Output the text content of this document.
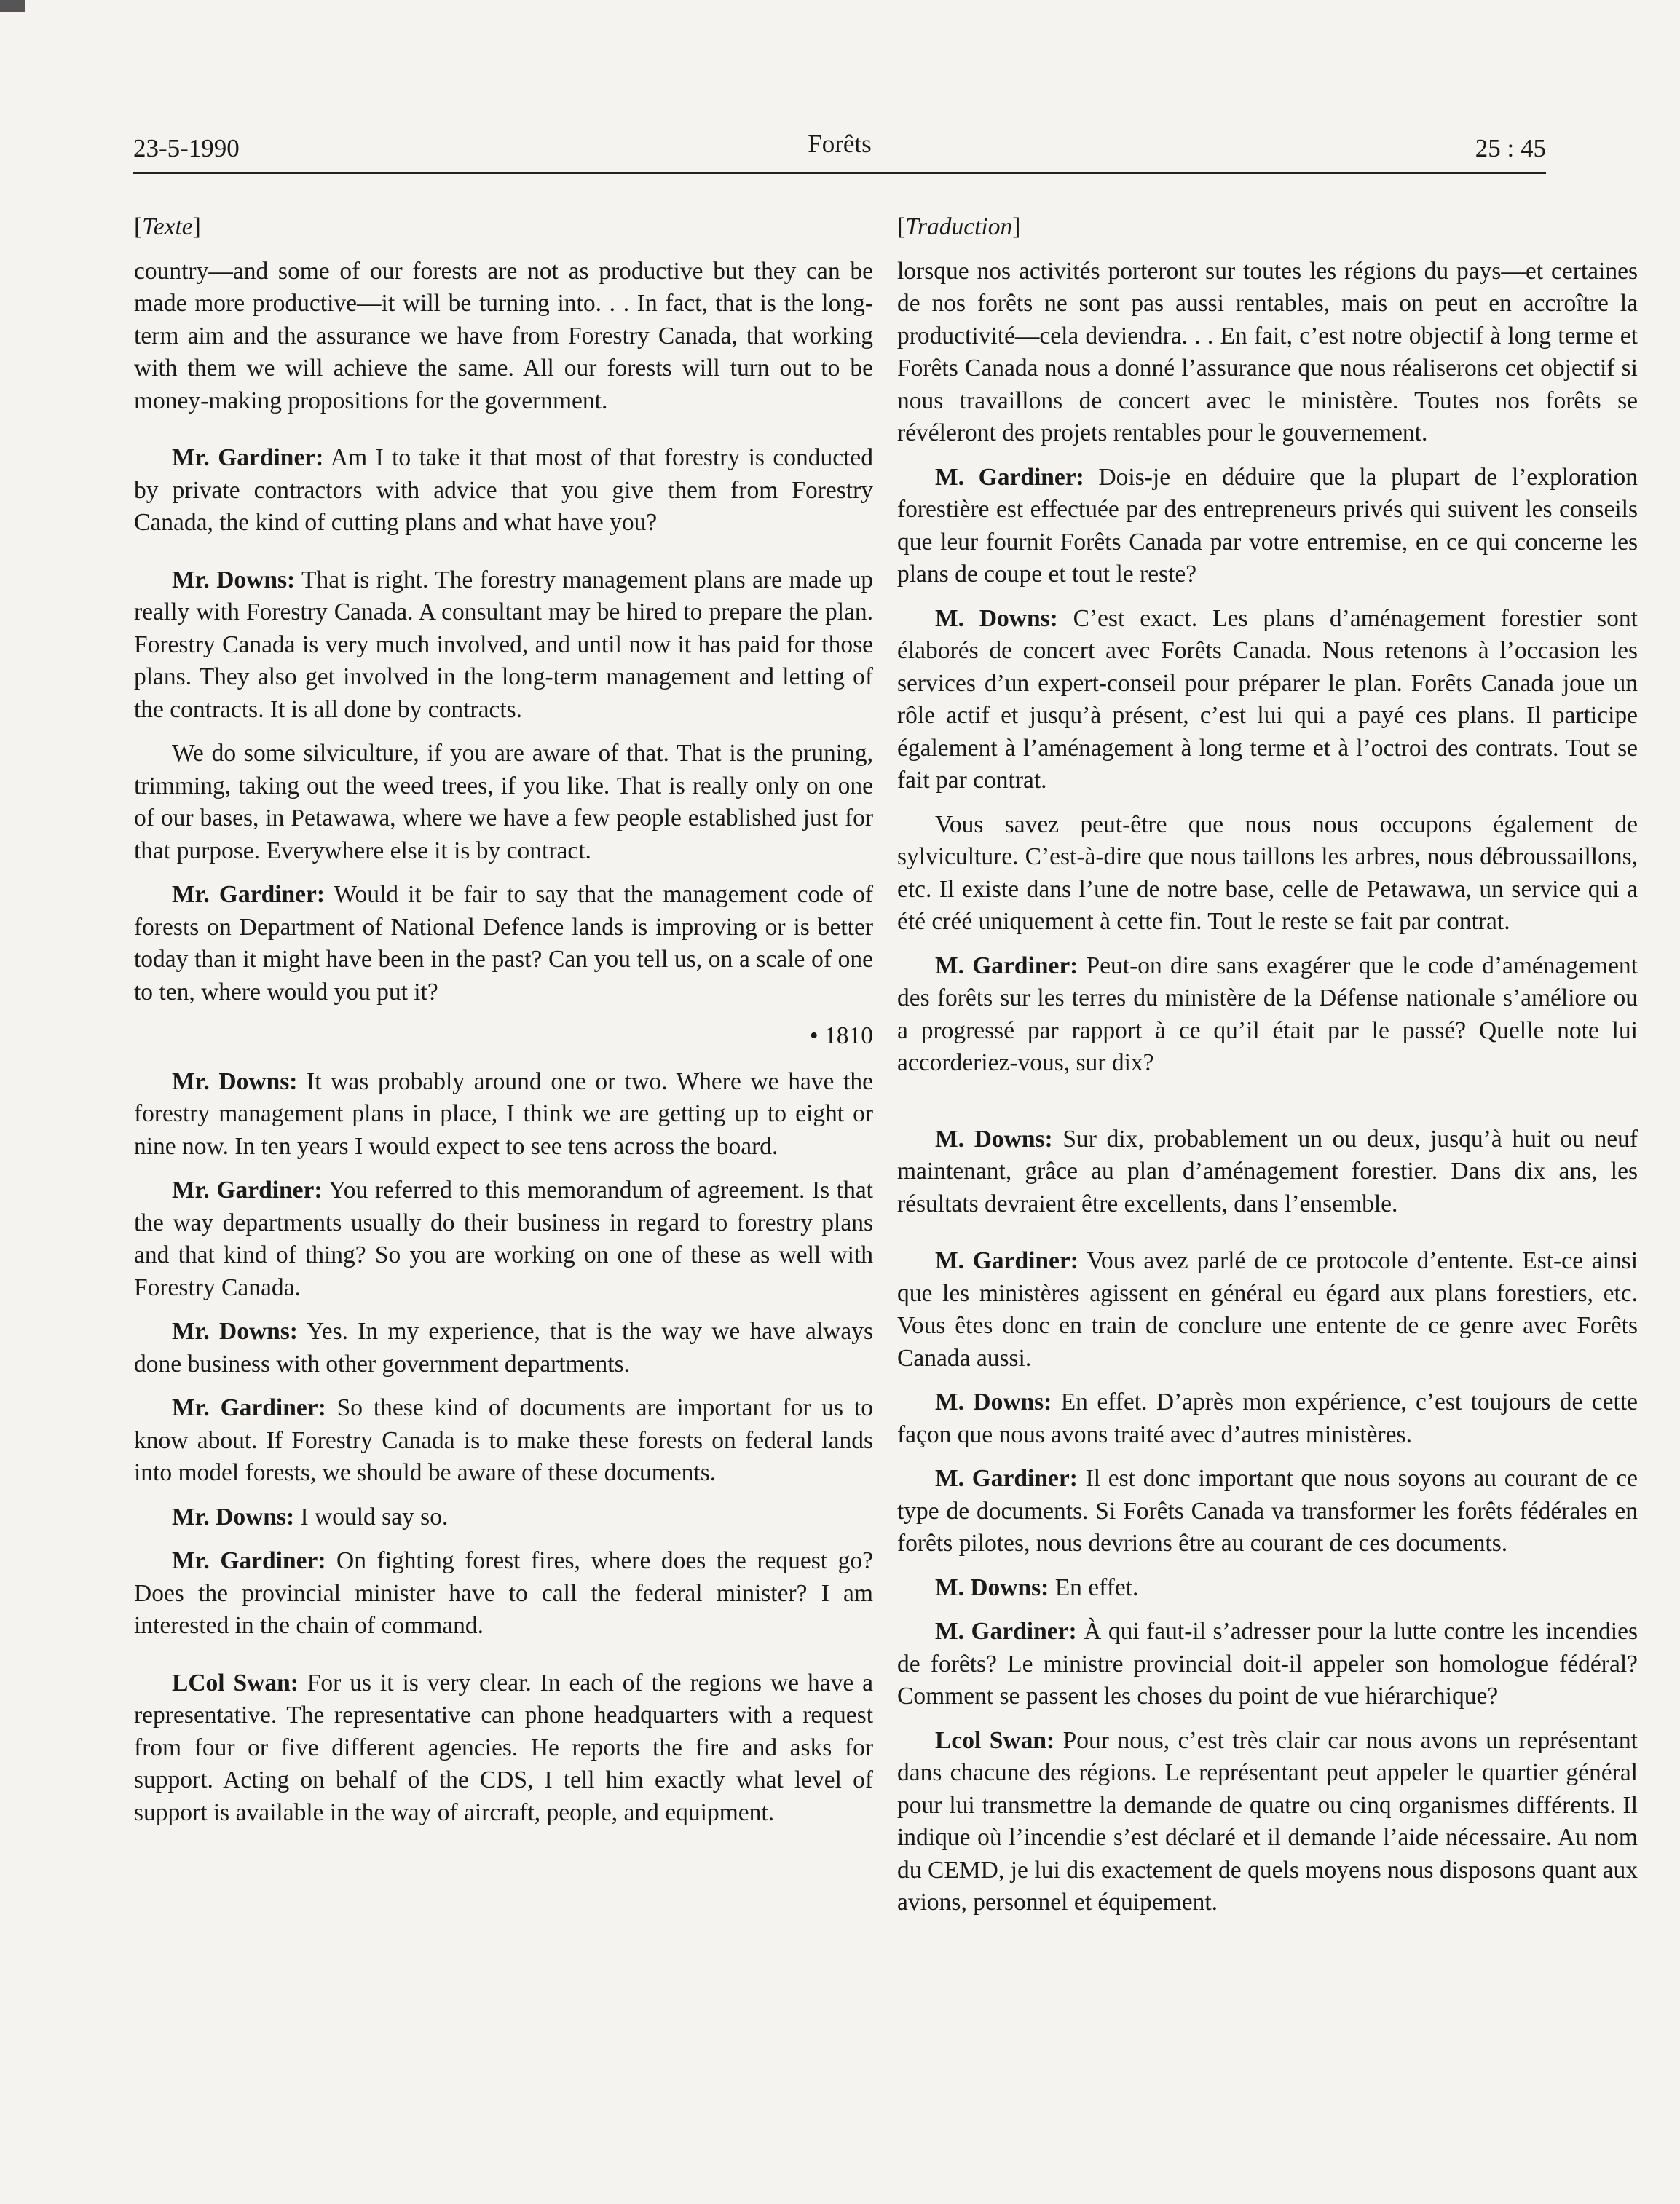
23-5-1990	Forêts	25 : 45
[Texte]

country—and some of our forests are not as productive but they can be made more productive—it will be turning into. . . In fact, that is the long-term aim and the assurance we have from Forestry Canada, that working with them we will achieve the same. All our forests will turn out to be money-making propositions for the government.

Mr. Gardiner: Am I to take it that most of that forestry is conducted by private contractors with advice that you give them from Forestry Canada, the kind of cutting plans and what have you?

Mr. Downs: That is right. The forestry management plans are made up really with Forestry Canada. A consultant may be hired to prepare the plan. Forestry Canada is very much involved, and until now it has paid for those plans. They also get involved in the long-term management and letting of the contracts. It is all done by contracts.

We do some silviculture, if you are aware of that. That is the pruning, trimming, taking out the weed trees, if you like. That is really only on one of our bases, in Petawawa, where we have a few people established just for that purpose. Everywhere else it is by contract.

Mr. Gardiner: Would it be fair to say that the management code of forests on Department of National Defence lands is improving or is better today than it might have been in the past? Can you tell us, on a scale of one to ten, where would you put it?

• 1810

Mr. Downs: It was probably around one or two. Where we have the forestry management plans in place, I think we are getting up to eight or nine now. In ten years I would expect to see tens across the board.

Mr. Gardiner: You referred to this memorandum of agreement. Is that the way departments usually do their business in regard to forestry plans and that kind of thing? So you are working on one of these as well with Forestry Canada.

Mr. Downs: Yes. In my experience, that is the way we have always done business with other government departments.

Mr. Gardiner: So these kind of documents are important for us to know about. If Forestry Canada is to make these forests on federal lands into model forests, we should be aware of these documents.

Mr. Downs: I would say so.

Mr. Gardiner: On fighting forest fires, where does the request go? Does the provincial minister have to call the federal minister? I am interested in the chain of command.

LCol Swan: For us it is very clear. In each of the regions we have a representative. The representative can phone headquarters with a request from four or five different agencies. He reports the fire and asks for support. Acting on behalf of the CDS, I tell him exactly what level of support is available in the way of aircraft, people, and equipment.

[Traduction]

lorsque nos activités porteront sur toutes les régions du pays—et certaines de nos forêts ne sont pas aussi rentables, mais on peut en accroître la productivité—cela deviendra. . . En fait, c’est notre objectif à long terme et Forêts Canada nous a donné l’assurance que nous réaliserons cet objectif si nous travaillons de concert avec le ministère. Toutes nos forêts se révéleront des projets rentables pour le gouvernement.

M. Gardiner: Dois-je en déduire que la plupart de l’exploration forestière est effectuée par des entrepreneurs privés qui suivent les conseils que leur fournit Forêts Canada par votre entremise, en ce qui concerne les plans de coupe et tout le reste?

M. Downs: C’est exact. Les plans d’aménagement forestier sont élaborés de concert avec Forêts Canada. Nous retenons à l’occasion les services d’un expert-conseil pour préparer le plan. Forêts Canada joue un rôle actif et jusqu’à présent, c’est lui qui a payé ces plans. Il participe également à l’aménagement à long terme et à l’octroi des contrats. Tout se fait par contrat.

Vous savez peut-être que nous nous occupons également de sylviculture. C’est-à-dire que nous taillons les arbres, nous débroussaillons, etc. Il existe dans l’une de notre base, celle de Petawawa, un service qui a été créé uniquement à cette fin. Tout le reste se fait par contrat.

M. Gardiner: Peut-on dire sans exagérer que le code d’aménagement des forêts sur les terres du ministère de la Défense nationale s’améliore ou a progressé par rapport à ce qu’il était par le passé? Quelle note lui accorderiez-vous, sur dix?

M. Downs: Sur dix, probablement un ou deux, jusqu’à huit ou neuf maintenant, grâce au plan d’aménagement forestier. Dans dix ans, les résultats devraient être excellents, dans l’ensemble.

M. Gardiner: Vous avez parlé de ce protocole d’entente. Est-ce ainsi que les ministères agissent en général eu égard aux plans forestiers, etc. Vous êtes donc en train de conclure une entente de ce genre avec Forêts Canada aussi.

M. Downs: En effet. D’après mon expérience, c’est toujours de cette façon que nous avons traité avec d’autres ministères.

M. Gardiner: Il est donc important que nous soyons au courant de ce type de documents. Si Forêts Canada va transformer les forêts fédérales en forêts pilotes, nous devrions être au courant de ces documents.

M. Downs: En effet.

M. Gardiner: À qui faut-il s’adresser pour la lutte contre les incendies de forêts? Le ministre provincial doit-il appeler son homologue fédéral? Comment se passent les choses du point de vue hiérarchique?

Lcol Swan: Pour nous, c’est très clair car nous avons un représentant dans chacune des régions. Le représentant peut appeler le quartier général pour lui transmettre la demande de quatre ou cinq organismes différents. Il indique où l’incendie s’est déclaré et il demande l’aide nécessaire. Au nom du CEMD, je lui dis exactement de quels moyens nous disposons quant aux avions, personnel et équipement.
